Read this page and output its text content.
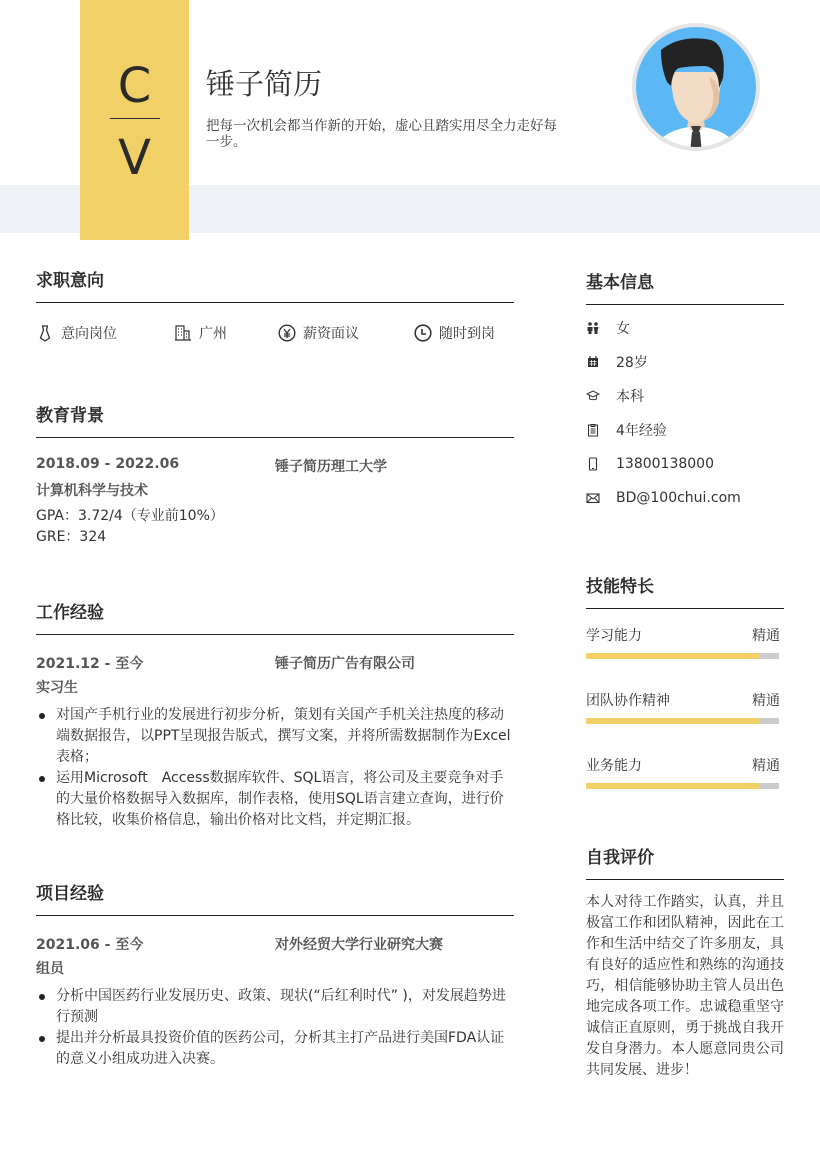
C
V
锤子简历
把每一次机会都当作新的开始，虚心且踏实用尽全力走好每一步。
求职意向
意向岗位	广州	薪资面议	随时到岗
教育背景
2018.09 - 2022.06	锤子简历理工大学
计算机科学与技术
GPA：3.72/4（专业前10%）
GRE：324
工作经验
2021.12 - 至今	锤子简历广告有限公司
实习生
对国产手机行业的发展进行初步分析，策划有关国产手机关注热度的移动端数据报告，以PPT呈现报告版式，撰写文案，并将所需数据制作为Excel表格；
运用Microsoft　Access数据库软件、SQL语言，将公司及主要竞争对手的大量价格数据导入数据库，制作表格，使用SQL语言建立查询，进行价格比较，收集价格信息，输出价格对比文档，并定期汇报。
项目经验
2021.06 - 至今	对外经贸大学行业研究大赛
组员
分析中国医药行业发展历史、政策、现状(“后红利时代” )，对发展趋势进行预测
提出并分析最具投资价值的医药公司，分析其主打产品进行美国FDA认证的意义小组成功进入决赛。
基本信息
女
28岁
本科
4年经验
13800138000
BD@100chui.com
技能特长
学习能力	精通
团队协作精神	精通
业务能力	精通
自我评价
本人对待工作踏实，认真，并且极富工作和团队精神，因此在工作和生活中结交了许多朋友，具有良好的适应性和熟练的沟通技巧，相信能够协助主管人员出色地完成各项工作。忠诚稳重坚守诚信正直原则，勇于挑战自我开发自身潜力。本人愿意同贵公司共同发展、进步！
